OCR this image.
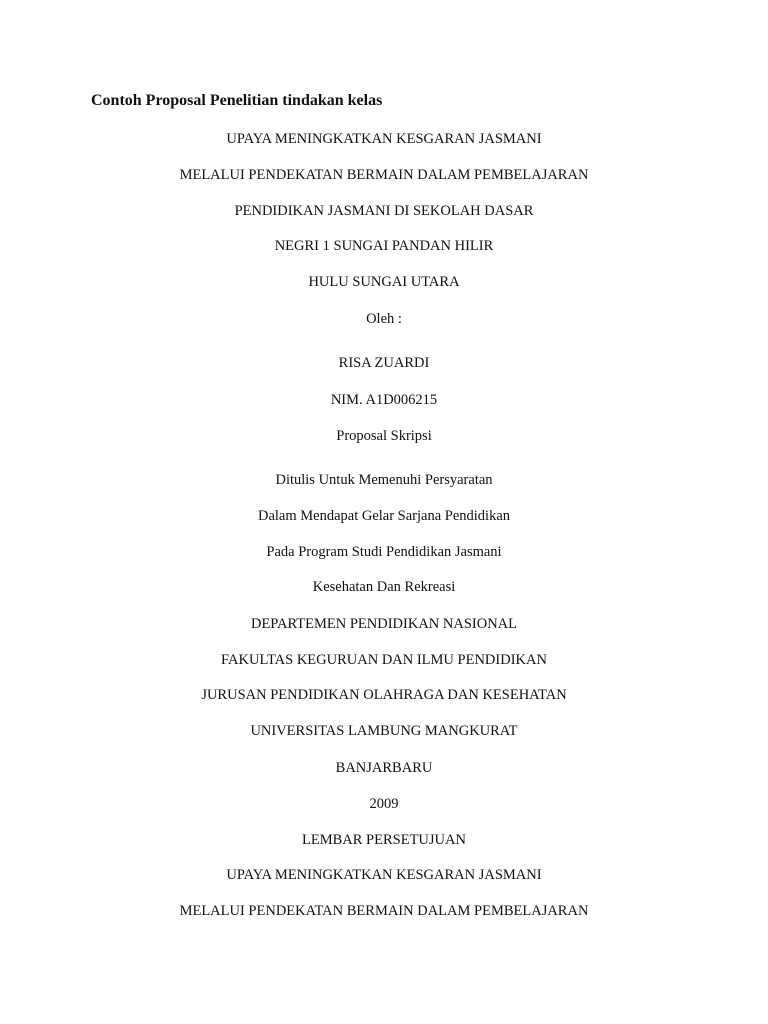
Contoh Proposal Penelitian tindakan kelas
UPAYA MENINGKATKAN KESGARAN JASMANI
MELALUI PENDEKATAN BERMAIN DALAM PEMBELAJARAN
PENDIDIKAN JASMANI DI SEKOLAH DASAR
NEGRI 1 SUNGAI PANDAN HILIR
HULU SUNGAI UTARA
Oleh :
RISA ZUARDI
NIM. A1D006215
Proposal Skripsi
Ditulis Untuk Memenuhi Persyaratan
Dalam Mendapat Gelar Sarjana Pendidikan
Pada Program Studi Pendidikan Jasmani
Kesehatan Dan Rekreasi
DEPARTEMEN PENDIDIKAN NASIONAL
FAKULTAS KEGURUAN DAN ILMU PENDIDIKAN
JURUSAN PENDIDIKAN OLAHRAGA DAN KESEHATAN
UNIVERSITAS LAMBUNG MANGKURAT
BANJARBARU
2009
LEMBAR PERSETUJUAN
UPAYA MENINGKATKAN KESGARAN JASMANI
MELALUI PENDEKATAN BERMAIN DALAM PEMBELAJARAN
